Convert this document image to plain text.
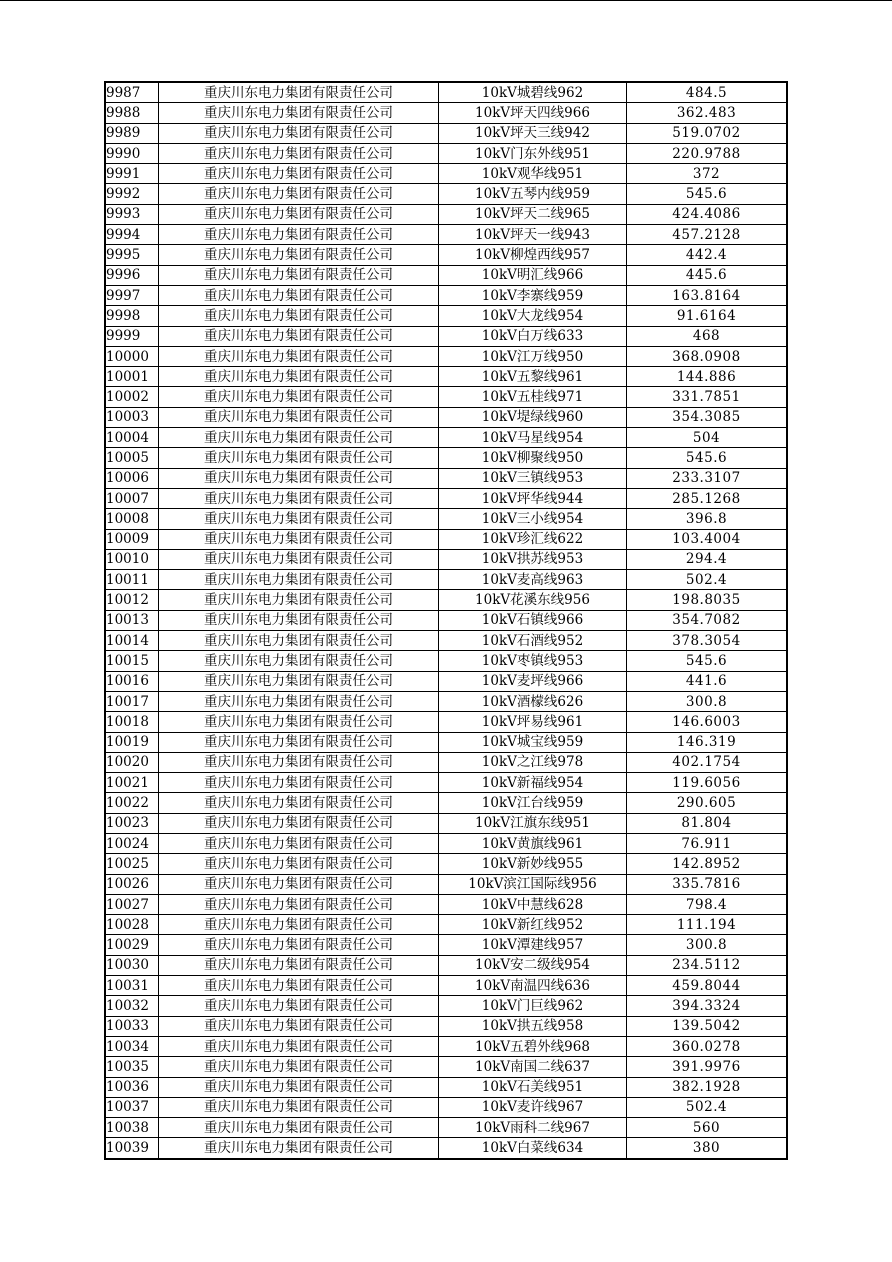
9987	重庆川东电力集团有限责任公司	10kV城碧线962	484.5
9988	重庆川东电力集团有限责任公司	10kV坪天四线966	362.483
9989	重庆川东电力集团有限责任公司	10kV坪天三线942	519.0702
9990	重庆川东电力集团有限责任公司	10kV门东外线951	220.9788
9991	重庆川东电力集团有限责任公司	10kV观华线951	372
9992	重庆川东电力集团有限责任公司	10kV五琴内线959	545.6
9993	重庆川东电力集团有限责任公司	10kV坪天二线965	424.4086
9994	重庆川东电力集团有限责任公司	10kV坪天一线943	457.2128
9995	重庆川东电力集团有限责任公司	10kV柳煌西线957	442.4
9996	重庆川东电力集团有限责任公司	10kV明汇线966	445.6
9997	重庆川东电力集团有限责任公司	10kV李寨线959	163.8164
9998	重庆川东电力集团有限责任公司	10kV大龙线954	91.6164
9999	重庆川东电力集团有限责任公司	10kV白万线633	468
10000	重庆川东电力集团有限责任公司	10kV江万线950	368.0908
10001	重庆川东电力集团有限责任公司	10kV五黎线961	144.886
10002	重庆川东电力集团有限责任公司	10kV五桂线971	331.7851
10003	重庆川东电力集团有限责任公司	10kV堤绿线960	354.3085
10004	重庆川东电力集团有限责任公司	10kV马星线954	504
10005	重庆川东电力集团有限责任公司	10kV柳聚线950	545.6
10006	重庆川东电力集团有限责任公司	10kV三镇线953	233.3107
10007	重庆川东电力集团有限责任公司	10kV坪华线944	285.1268
10008	重庆川东电力集团有限责任公司	10kV三小线954	396.8
10009	重庆川东电力集团有限责任公司	10kV珍汇线622	103.4004
10010	重庆川东电力集团有限责任公司	10kV拱苏线953	294.4
10011	重庆川东电力集团有限责任公司	10kV麦高线963	502.4
10012	重庆川东电力集团有限责任公司	10kV花溪东线956	198.8035
10013	重庆川东电力集团有限责任公司	10kV石镇线966	354.7082
10014	重庆川东电力集团有限责任公司	10kV石酒线952	378.3054
10015	重庆川东电力集团有限责任公司	10kV枣镇线953	545.6
10016	重庆川东电力集团有限责任公司	10kV麦坪线966	441.6
10017	重庆川东电力集团有限责任公司	10kV酒檬线626	300.8
10018	重庆川东电力集团有限责任公司	10kV坪易线961	146.6003
10019	重庆川东电力集团有限责任公司	10kV城宝线959	146.319
10020	重庆川东电力集团有限责任公司	10kV之江线978	402.1754
10021	重庆川东电力集团有限责任公司	10kV新福线954	119.6056
10022	重庆川东电力集团有限责任公司	10kV江台线959	290.605
10023	重庆川东电力集团有限责任公司	10kV江旗东线951	81.804
10024	重庆川东电力集团有限责任公司	10kV黄旗线961	76.911
10025	重庆川东电力集团有限责任公司	10kV新妙线955	142.8952
10026	重庆川东电力集团有限责任公司	10kV滨江国际线956	335.7816
10027	重庆川东电力集团有限责任公司	10kV中慧线628	798.4
10028	重庆川东电力集团有限责任公司	10kV新红线952	111.194
10029	重庆川东电力集团有限责任公司	10kV潭建线957	300.8
10030	重庆川东电力集团有限责任公司	10kV安二级线954	234.5112
10031	重庆川东电力集团有限责任公司	10kV南温四线636	459.8044
10032	重庆川东电力集团有限责任公司	10kV门巨线962	394.3324
10033	重庆川东电力集团有限责任公司	10kV拱五线958	139.5042
10034	重庆川东电力集团有限责任公司	10kV五碧外线968	360.0278
10035	重庆川东电力集团有限责任公司	10kV南国二线637	391.9976
10036	重庆川东电力集团有限责任公司	10kV石美线951	382.1928
10037	重庆川东电力集团有限责任公司	10kV麦许线967	502.4
10038	重庆川东电力集团有限责任公司	10kV雨科二线967	560
10039	重庆川东电力集团有限责任公司	10kV白菜线634	380
